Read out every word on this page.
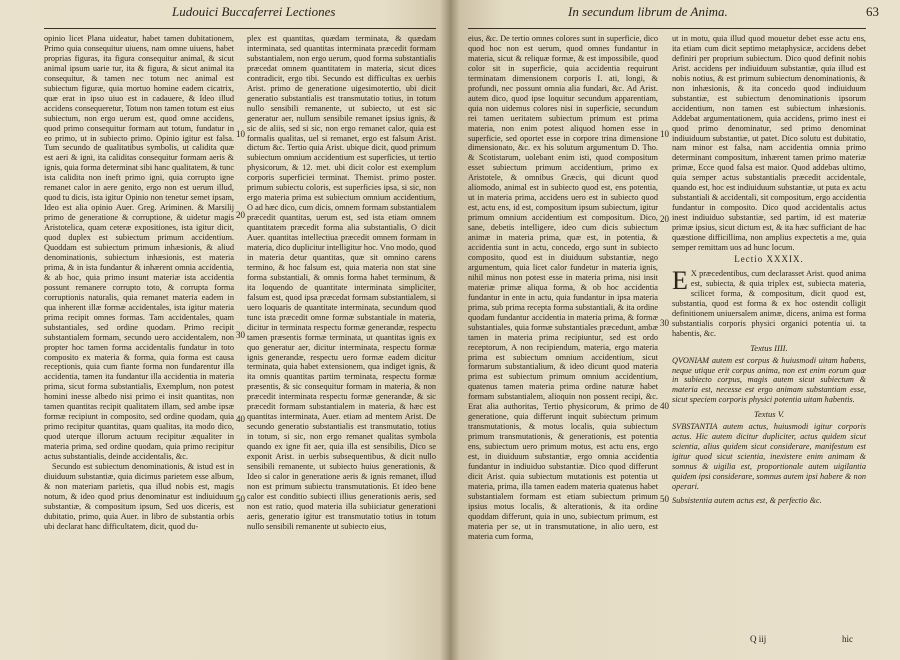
Ludouici Buccaferrei Lectiones

opinio licet Plana uideatur, habet tamen dubitationem, Primo quia consequitur uiuens, nam omne uiuens, habet proprias figuras, ita figura consequitur animal, & sicut animal ipsum uarie tur, ita & figura, & sicut animal ita consequitur, & tamen nec totum nec animal est subiectum figuræ, quia mortuo homine eadem cicatrix, quæ erat in ipso uiuo est in cadauere, & Ideo illud accidens consequeretur, Totum non tamen totum est eius subiectum, non ergo uerum est, quod omne accidens, quod primo consequitur formam aut totum, fundatur in eo primo, ut in subiecto primo. Opinio igitur est falsa. Tum secundo de qualitatibus symbolis, ut calidita quæ est aeri & igni, ita caliditas consequitur formam aeris & ignis, quia forma determinat sibi hanc qualitatem, & tunc ista calidita non ineft primo igni, quia corrupto igne remanet calor in aere genito, ergo non est uerum illud, quod tu dicis, ista igitur Opinio non tenetur semet ipsam, Ideo est alia opinio Auer. Greg. Ariminen. & Marsilij primo de generatione & corruptione, & uidetur magis Aristotelica, quam ceteræ expositiones, ista igitur dicit, quod duplex est subiectum primum accidentium. Quoddam est subiectum primum inhæsionis, & aliud denominationis, subiectum inhæsionis, est materia prima, & in ista fundantur & inhærent omnia accidentia, & ab hoc, quia primo insunt materiæ ista accidentia possunt remanere corrupto toto, & corrupta forma corruptionis naturalis, quia remanet materia eadem in qua inherent illæ formæ accidentales, ista igitur materia prima recipit omnes formas. Tam accidentales, quam substantiales, sed ordine quodam. Primo recipit substantialem formam, secundo uero accidentalem, non propter hoc tamen forma accidentalis fundatur in toto composito ex materia & forma, quia forma est causa receptionis, quia cum fiante forma non fundarentur illa accidentia, tamen ita fundantur illa accidentia in materia prima, sicut forma substantialis, Exemplum, non potest homini inesse albedo nisi primo ei insit quantitas, non tamen quantitas recipit qualitatem illam, sed ambe ipsæ formæ recipiunt in composito, sed ordine quodam, quia primo recipitur quantitas, quam qualitas, ita modo dico, quod uterque illorum actuum recipitur æqualiter in materia prima, sed ordine quodam, quia primo recipitur actus substantialis, deinde accidentalis, &c.

Secundo est subiectum denominationis, & istud est in diuiduum substantiæ, quia dicimus parietem esse album, & non materiam parietis, qua illud nobis est, magis notum, & ideo quod prius denominatur est indiuiduum substantiæ, & compositum ipsum, Sed uos diceris, est dubitatio, primo, quia Auer. in libro de substantia orbis ubi declarat hanc difficultatem, dicit, quod du-

10
20
30
40
50

plex est quantitas, quædam terminata, & quædam interminata, sed quantitas interminata præcedit formam substantialem, non ergo uerum, quod forma substantialis præcedat omnem quantitatem in materia, sicut dices contradicit, ergo tibi. Secundo est difficultas ex uerbis Arist. primo de generatione uigesimotertio, ubi dicit generatio substantialis est transmutatio totius, in totum nullo sensibili remanente, ut subiecto, ut est sic generatur aer, nullum sensibile remanet ipsius ignis, & sic de aliis, sed si sic, non ergo remanet calor, quia est formalis qualitas, uel si remanet, ergo est falsum Arist. dictum &c. Tertio quia Arist. ubique dicit, quod primum subiectum omnium accidentium est superficies, ut tertio physicorum, & 12. met. ubi dicit color est exemplum corporis superficiei terminat. Themist. primo poster. primum subiectu coloris, est superficies ipsa, si sic, non ergo materia prima est subiectum omnium accidentium, O ad hæc dico, cum dicis, omnem formam substantialem præcedit quantitas, uerum est, sed ista etiam omnem quantitatem præcedit forma alia substantialis, O dicit Auer. quantitas intellectiua præcedit omnem formam in materia, dico duplicitur intelligitur hoc. Vno modo, quod in materia detur quantitas, quæ sit omnino carens termino, & hoc falsum est, quia materia non stat sine forma substantiali, & omnis forma habet terminum, & ita loquendo de quantitate interminata simpliciter, falsum est, quod ipsa præcedat formam substantialem, si uero loquaris de quantitate interminata, secundum quod tunc ista præcedit omne formæ substantiale in materia, dicitur in terminata respectu formæ generandæ, respectu tamen præsentis formæ terminata, ut quantitas ignis ex quo generatur aer, dicitur interminata, respectu formæ ignis generandæ, respectu uero formæ eadem dicitur terminata, quia habet extensionem, qua indiget ignis, & ita omnis quantitas partim terminata, respectu formæ præsentis, & sic consequitur formam in materia, & non præcedit interminata respectu formæ generandæ, & sic præcedit formam substantialem in materia, & hæc est quantitas interminata, Auer. etiam ad mentem Arist. De secundo generatio substantialis est transmutatio, totius in totum, si sic, non ergo remanet qualitas symbola quando ex igne fit aer, quia illa est sensibilis, Dico se exponit Arist. in uerbis subsequentibus, & dicit nullo sensibili remanente, ut subiecto huius generationis, & Ideo si calor in generatione aeris & ignis remanet, illud non est primum subiectu transmutationis. Et ideo bene calor est conditio subiecti illius generationis aeris, sed non est ratio, quod materia illa subiiciatur generationi aeris, generatio igitur est transmutatio totius in totum nullo sensibili remanente ut subiecto eius,

In secundum librum de Anima.	63

eius, &c. De tertio omnes colores sunt in superficie, dico quod hoc non est uerum, quod omnes fundantur in materia, sicut & reliquæ formæ, & est impossibile, quod color sit in superficie, quia accidentia requirunt terminatam dimensionem corporis I. ati, longi, & profundi, nec possunt omnia alia fundari, &c. Ad Arist. autem dico, quod ipse loquitur secundum apparentiam, quia non uidemus colores nisi in superficie, secundum rei tamen ueritatem subiectum primum est prima materia, non enim potest aliquod homen esse in superficie, sed oportet esse in corpore trina dimensione dimensionato, &c. ex his solutum argumentum D. Tho. & Scotistarum, uolebant enim isti, quod compositum esset subiectum primum accidentium, primo ex Aristotele, & omnibus Græcis, qui dicunt quod aliomodo, animal est in subiecto quod est, ens potentia, ut in materia prima, accidens uero est in subiecto quod est, actu ens, id est, compositum ipsum subiectum, igitur primum omnium accidentium est compositum. Dico, sane, debetis intelligere, ideo cum dicis subiectum animæ in materia prima, quæ est, in potentia, & accidentia sunt in actu, concedo, ergo sunt in subiecto composito, quod est in diuiduum substantiæ, nego argumentum, quia licet calor fundetur in materia ignis, nihil minus non potest esse in materia prima, nisi insit materiæ primæ aliqua forma, & ob hoc accidentia fundantur in ente in actu, quia fundantur in ipsa materia prima, sub prima recepta forma substantiali, & ita ordine quodam fundantur accidentia in materia prima, & formæ substantiales, quia formæ substantiales præcedunt, ambæ tamen in materia prima recipiuntur, sed est ordo receptorum, A non recipiendum, materia, ergo materia prima est subiectum omnium accidentium, sicut formarum substantialium, & ideo dicunt quod materia prima est subiectum primum omnium accidentium, quatenus tamen materia prima ordine naturæ habet formam substantialem, alioquin non possent recipi, &c. Erat alia authoritas, Tertio physicorum, & primo de generatione, quia differunt inquit subiectum primum transmutationis, & motus localis, quia subiectum primum transmutationis, & generationis, est potentia ens, subiectum uero primum motus, est actu ens, ergo est, in diuiduum substantiæ, ergo omnia accidentia fundantur in indiuiduo substantiæ. Dico quod differunt dicit Arist. quia subiectum mutationis est potentia ut materia, prima, illa tamen eadem materia quatenus habet substantialem formam est etiam subiectum primum ipsius motus localis, & alterationis, & ita ordine quoddam differunt, quia in uno, subiectum primum, est materia per se, ut in transmutatione, in alio uero, est materia cum forma,

10
20
30
40
50

ut in motu, quia illud quod mouetur debet esse actu ens, ita etiam cum dicit septimo metaphysicæ, accidens debet definiri per proprium subiectum. Dico quod definit nobis Arist. accidens per indiuiduum substantiæ, quia illud est nobis notius, & est primum subiectum denominationis, & non inhæsionis, & ita concedo quod indiuiduum substantiæ, est subiectum denominationis ipsorum accidentium, non tamen est subiectum inhæsionis. Addebat argumentationem, quia accidens, primo inest ei quod primo denominatur, sed primo denominat indiuiduum substantiæ, ut patet. Dico solutu est dubitatio, nam minor est falsa, nam accidentia omnia primo determinant compositum, inhærent tamen primo materiæ primæ, Ecce quod falsa est maior. Quod addebas ultimo, quia semper actus substantialis præcedit accidentale, quando est, hoc est indiuiduum substantiæ, ut puta ex actu substantiali & accidentali, sit compositum, ergo accidentia fundantur in composito. Dico quod accidentalis actus inest indiuiduo substantiæ, sed partim, id est materiæ primæ ipsius, sicut dictum est, & ita hæc sufficiant de hac quæstione difficillima, non amplius expectetis a me, quia semper remittam uos ad hunc locum.

Lectio XXXIX.

E X præcedentibus, cum declarasset Arist. quod anima est, subiecta, & quia triplex est, subiecta materia, scilicet forma, & compositum, dicit quod est, substantia, quod est forma & ex hoc ostendit colligit definitionem uniuersalem animæ, dicens, anima est forma substantialis corporis physici organici potentia ui. ta habentis, &c.

Textus IIII.

QVONIAM autem est corpus & huiusmodi uitam habens, neque utique erit corpus anima, non est enim eorum quæ in subiecto corpus, magis autem sicut subiectum & materia est, necesse est ergo animam substantiam esse, sicut speciem corporis physici potentia uitam habentis.

Textus V.

SVBSTANTIA autem actus, huiusmodi igitur corporis actus. Hic autem dicitur dupliciter, actus quidem sicut scientia, alius quidem sicut considerare, manifestum est igitur quod sicut scientia, inexistere enim animam & somnus & uigilia est, proportionale autem uigilantia quidem ipsi considerare, somnus autem ipsi habere & non operari.

Subsistentia autem actus est, & perfectio &c.

Q iij	hic
